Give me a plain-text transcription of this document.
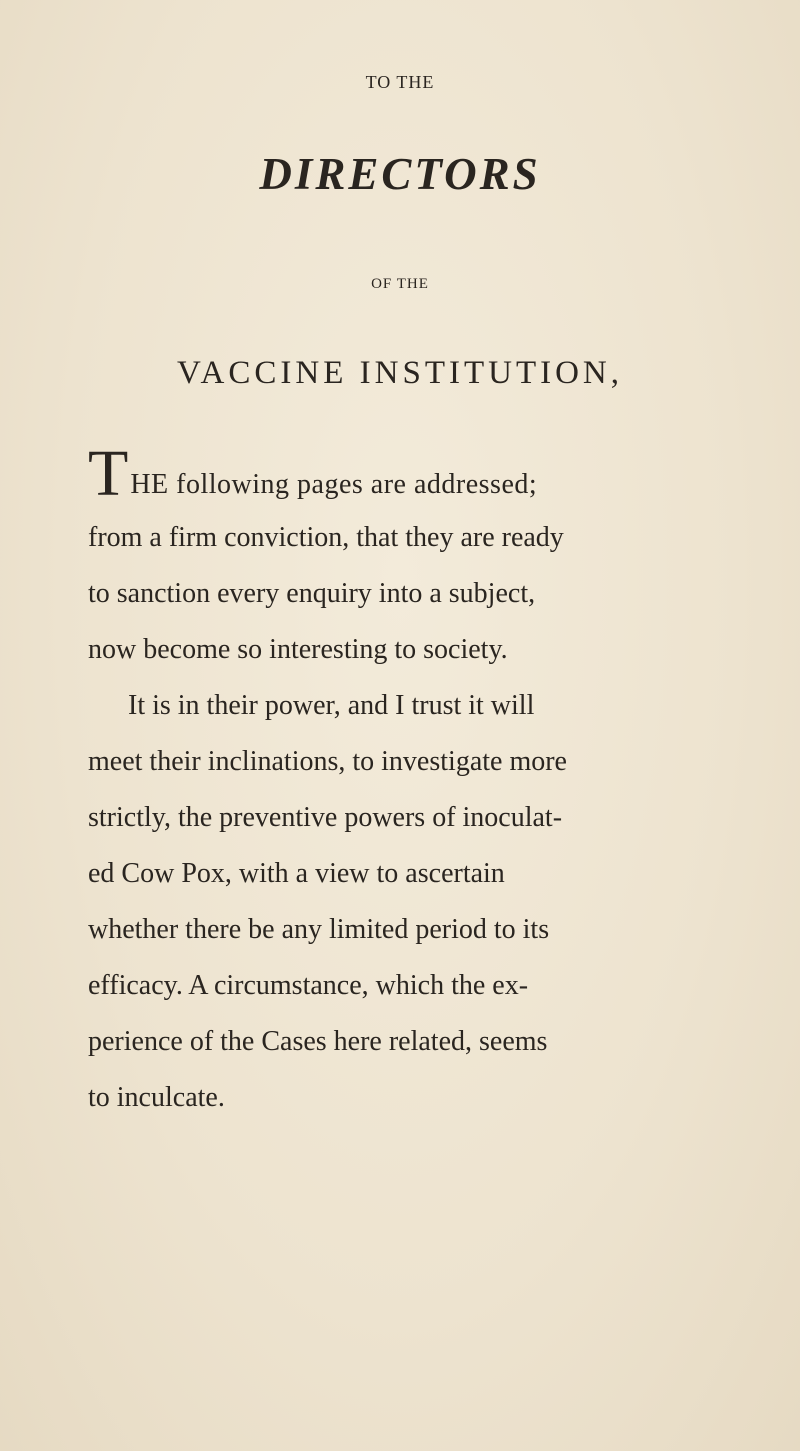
TO THE
DIRECTORS
OF THE
VACCINE INSTITUTION,
THE following pages are addressed;
from a firm conviction, that they are ready
to sanction every enquiry into a subject,
now become so interesting to society.
It is in their power, and I trust it will
meet their inclinations, to investigate more
strictly, the preventive powers of inoculat-
ed Cow Pox, with a view to ascertain
whether there be any limited period to its
efficacy. A circumstance, which the ex-
perience of the Cases here related, seems
to inculcate.
